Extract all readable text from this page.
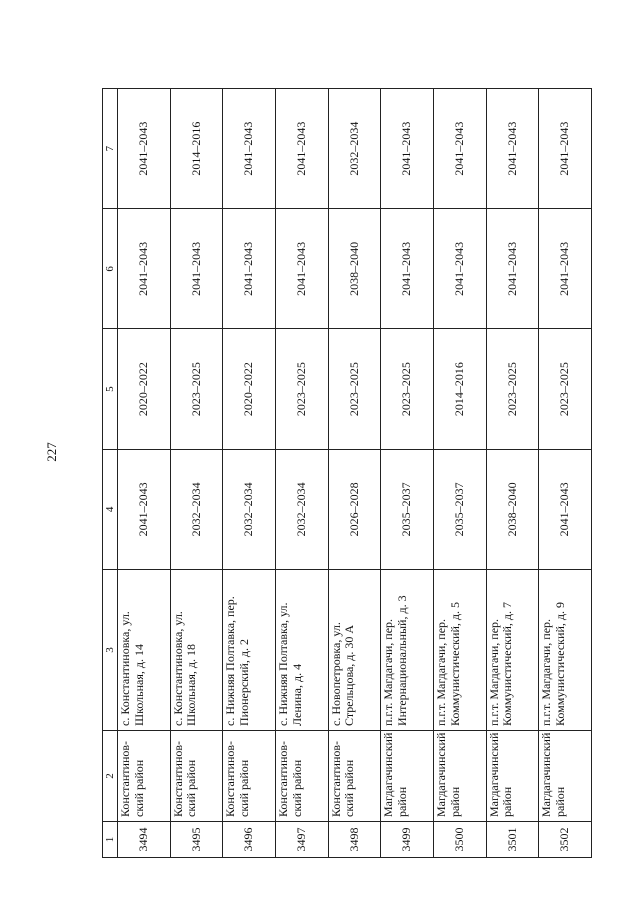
227
1	2	3	4	5	6	7
3494	Константинов-ский район	с. Константиновка, ул. Школьная, д. 14	2041–2043	2020–2022	2041–2043	2041–2043
3495	Константинов-ский район	с. Константиновка, ул. Школьная, д. 18	2032–2034	2023–2025	2041–2043	2014–2016
3496	Константинов-ский район	с. Нижняя Полтавка, пер. Пионерский, д. 2	2032–2034	2020–2022	2041–2043	2041–2043
3497	Константинов-ский район	с. Нижняя Полтавка, ул. Ленина, д. 4	2032–2034	2023–2025	2041–2043	2041–2043
3498	Константинов-ский район	с. Новопетровка, ул. Стрельцова, д. 30 А	2026–2028	2023–2025	2038–2040	2032–2034
3499	Магдагачинский район	п.г.т. Магдагачи, пер. Интернациональный, д. 3	2035–2037	2023–2025	2041–2043	2041–2043
3500	Магдагачинский район	п.г.т. Магдагачи, пер. Коммунистический, д. 5	2035–2037	2014–2016	2041–2043	2041–2043
3501	Магдагачинский район	п.г.т. Магдагачи, пер. Коммунистический, д. 7	2038–2040	2023–2025	2041–2043	2041–2043
3502	Магдагачинский район	п.г.т. Магдагачи, пер. Коммунистический, д. 9	2041–2043	2023–2025	2041–2043	2041–2043
